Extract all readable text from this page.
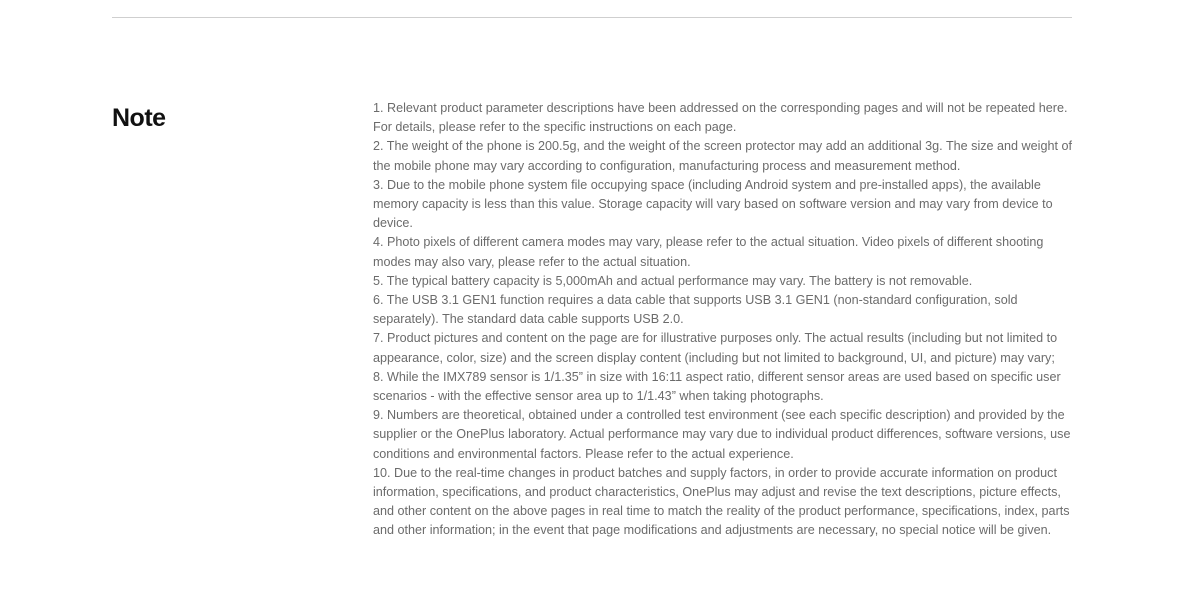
Note	1. Relevant product parameter descriptions have been addressed on the corresponding pages and will not be repeated here. For details, please refer to the specific instructions on each page.
2. The weight of the phone is 200.5g, and the weight of the screen protector may add an additional 3g. The size and weight of the mobile phone may vary according to configuration, manufacturing process and measurement method.
3. Due to the mobile phone system file occupying space (including Android system and pre-installed apps), the available memory capacity is less than this value. Storage capacity will vary based on software version and may vary from device to device.
4. Photo pixels of different camera modes may vary, please refer to the actual situation. Video pixels of different shooting modes may also vary, please refer to the actual situation.
5. The typical battery capacity is 5,000mAh and actual performance may vary. The battery is not removable.
6. The USB 3.1 GEN1 function requires a data cable that supports USB 3.1 GEN1 (non-standard configuration, sold separately). The standard data cable supports USB 2.0.
7. Product pictures and content on the page are for illustrative purposes only. The actual results (including but not limited to appearance, color, size) and the screen display content (including but not limited to background, UI, and picture) may vary;
8. While the IMX789 sensor is 1/1.35” in size with 16:11 aspect ratio, different sensor areas are used based on specific user scenarios - with the effective sensor area up to 1/1.43” when taking photographs.
9. Numbers are theoretical, obtained under a controlled test environment (see each specific description) and provided by the supplier or the OnePlus laboratory. Actual performance may vary due to individual product differences, software versions, use conditions and environmental factors. Please refer to the actual experience.
10. Due to the real-time changes in product batches and supply factors, in order to provide accurate information on product information, specifications, and product characteristics, OnePlus may adjust and revise the text descriptions, picture effects, and other content on the above pages in real time to match the reality of the product performance, specifications, index, parts and other information; in the event that page modifications and adjustments are necessary, no special notice will be given.
